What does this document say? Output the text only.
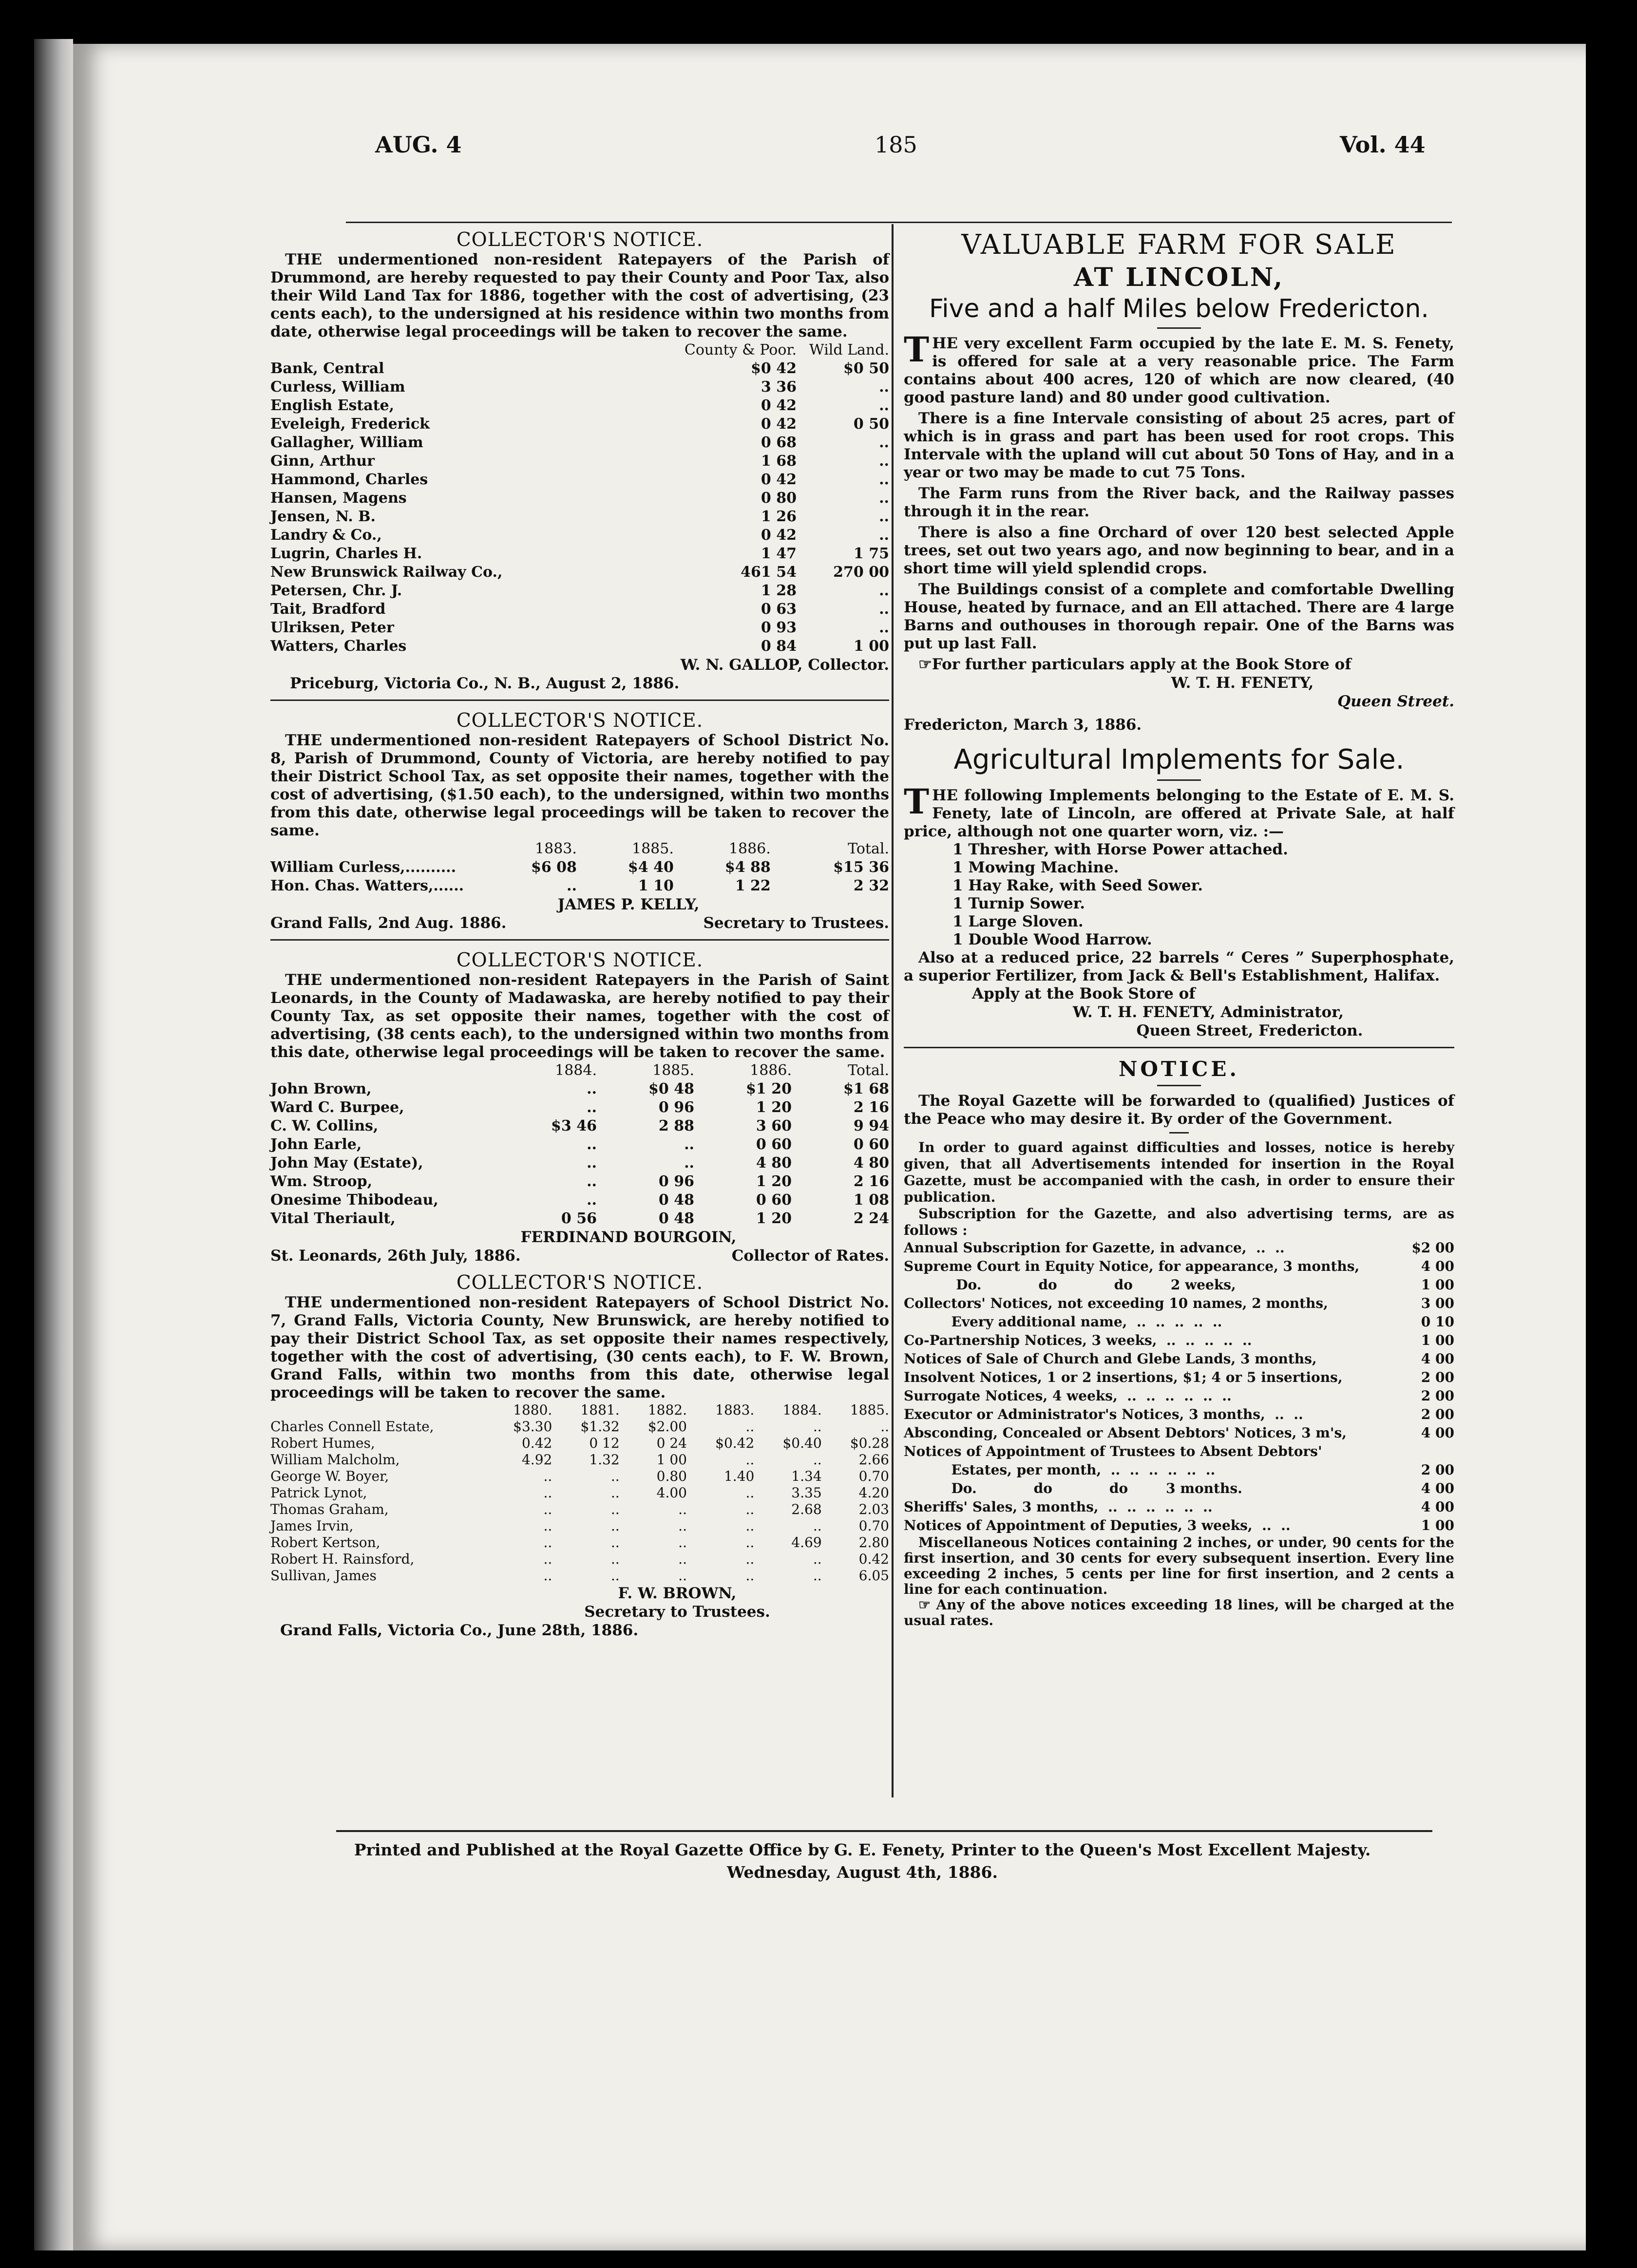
AUG. 4	185	Vol. 44
COLLECTOR'S NOTICE.

THE undermentioned non-resident Ratepayers of the Parish of Drummond, are hereby requested to pay their County and Poor Tax, also their Wild Land Tax for 1886, together with the cost of advertising, (23 cents each), to the undersigned at his residence within two months from date, otherwise legal proceedings will be taken to recover the same.

	County & Poor.	Wild Land.
Bank, Central	$0 42	$0 50
Curless, William	3 36	..
English Estate,	0 42	..
Eveleigh, Frederick	0 42	0 50
Gallagher, William	0 68	..
Ginn, Arthur	1 68	..
Hammond, Charles	0 42	..
Hansen, Magens	0 80	..
Jensen, N. B.	1 26	..
Landry & Co.,	0 42	..
Lugrin, Charles H.	1 47	1 75
New Brunswick Railway Co.,	461 54	270 00
Petersen, Chr. J.	1 28	..
Tait, Bradford	0 63	..
Ulriksen, Peter	0 93	..
Watters, Charles	0 84	1 00
W. N. GALLOP, Collector.
Priceburg, Victoria Co., N. B., August 2, 1886.
COLLECTOR'S NOTICE.

THE undermentioned non-resident Ratepayers of School District No. 8, Parish of Drummond, County of Victoria, are hereby notified to pay their District School Tax, as set opposite their names, together with the cost of advertising, ($1.50 each), to the undersigned, within two months from this date, otherwise legal proceedings will be taken to recover the same.

	1883.	1885.	1886.	Total.
William Curless,..........	$6 08	$4 40	$4 88	$15 36
Hon. Chas. Watters,......	..	1 10	1 22	2 32
JAMES P. KELLY,
Grand Falls, 2nd Aug. 1886.	Secretary to Trustees.
COLLECTOR'S NOTICE.

THE undermentioned non-resident Ratepayers in the Parish of Saint Leonards, in the County of Madawaska, are hereby notified to pay their County Tax, as set opposite their names, together with the cost of advertising, (38 cents each), to the undersigned within two months from this date, otherwise legal proceedings will be taken to recover the same.

	1884.	1885.	1886.	Total.
John Brown,	..	$0 48	$1 20	$1 68
Ward C. Burpee,	..	0 96	1 20	2 16
C. W. Collins,	$3 46	2 88	3 60	9 94
John Earle,	..	..	0 60	0 60
John May (Estate),	..	..	4 80	4 80
Wm. Stroop,	..	0 96	1 20	2 16
Onesime Thibodeau,	..	0 48	0 60	1 08
Vital Theriault,	0 56	0 48	1 20	2 24
FERDINAND BOURGOIN,
St. Leonards, 26th July, 1886.	Collector of Rates.
COLLECTOR'S NOTICE.

THE undermentioned non-resident Ratepayers of School District No. 7, Grand Falls, Victoria County, New Brunswick, are hereby notified to pay their District School Tax, as set opposite their names respectively, together with the cost of advertising, (30 cents each), to F. W. Brown, Grand Falls, within two months from this date, otherwise legal proceedings will be taken to recover the same.

	1880.	1881.	1882.	1883.	1884.	1885.
Charles Connell Estate,	$3.30	$1.32	$2.00	..	..	..
Robert Humes,	0.42	0 12	0 24	$0.42	$0.40	$0.28
William Malcholm,	4.92	1.32	1 00	..	..	2.66
George W. Boyer,	..	..	0.80	1.40	1.34	0.70
Patrick Lynot,	..	..	4.00	..	3.35	4.20
Thomas Graham,	..	..	..	..	2.68	2.03
James Irvin,	..	..	..	..	..	0.70
Robert Kertson,	..	..	..	..	4.69	2.80
Robert H. Rainsford,	..	..	..	..	..	0.42
Sullivan, James	..	..	..	..	..	6.05
F. W. BROWN,
Secretary to Trustees.
Grand Falls, Victoria Co., June 28th, 1886.
VALUABLE FARM FOR SALE
AT LINCOLN,
Five and a half Miles below Fredericton.

THE very excellent Farm occupied by the late E. M. S. Fenety, is offered for sale at a very reasonable price. The Farm contains about 400 acres, 120 of which are now cleared, (40 good pasture land) and 80 under good cultivation.

There is a fine Intervale consisting of about 25 acres, part of which is in grass and part has been used for root crops. This Intervale with the upland will cut about 50 Tons of Hay, and in a year or two may be made to cut 75 Tons.

The Farm runs from the River back, and the Railway passes through it in the rear.

There is also a fine Orchard of over 120 best selected Apple trees, set out two years ago, and now beginning to bear, and in a short time will yield splendid crops.

The Buildings consist of a complete and comfortable Dwelling House, heated by furnace, and an Ell attached. There are 4 large Barns and outhouses in thorough repair. One of the Barns was put up last Fall.

☞For further particulars apply at the Book Store of

W. T. H. FENETY,
Queen Street.
Fredericton, March 3, 1886.
Agricultural Implements for Sale.

THE following Implements belonging to the Estate of E. M. S. Fenety, late of Lincoln, are offered at Private Sale, at half price, although not one quarter worn, viz. :—

1 Thresher, with Horse Power attached.

1 Mowing Machine.

1 Hay Rake, with Seed Sower.

1 Turnip Sower.

1 Large Sloven.

1 Double Wood Harrow.

Also at a reduced price, 22 barrels “ Ceres ” Superphosphate, a superior Fertilizer, from Jack & Bell's Establishment, Halifax.

Apply at the Book Store of

W. T. H. FENETY, Administrator,
Queen Street, Fredericton.
NOTICE.

The Royal Gazette will be forwarded to (qualified) Justices of the Peace who may desire it. By order of the Government.

In order to guard against difficulties and losses, notice is hereby given, that all Advertisements intended for insertion in the Royal Gazette, must be accompanied with the cash, in order to ensure their publication.

Subscription for the Gazette, and also advertising terms, are as follows :

Annual Subscription for Gazette, in advance,  ..  ..	$2 00
Supreme Court in Equity Notice, for appearance, 3 months,	4 00
Do.            do            do        2 weeks,	1 00
Collectors' Notices, not exceeding 10 names, 2 months,	3 00
Every additional name,  ..  ..  ..  ..  ..	0 10
Co-Partnership Notices, 3 weeks,  ..  ..  ..  ..  ..	1 00
Notices of Sale of Church and Glebe Lands, 3 months,	4 00
Insolvent Notices, 1 or 2 insertions, $1; 4 or 5 insertions,	2 00
Surrogate Notices, 4 weeks,  ..  ..  ..  ..  ..  ..	2 00
Executor or Administrator's Notices, 3 months,  ..  ..	2 00
Absconding, Concealed or Absent Debtors' Notices, 3 m's,	4 00
Notices of Appointment of Trustees to Absent Debtors'	
Estates, per month,  ..  ..  ..  ..  ..  ..	2 00
Do.            do            do        3 months.	4 00
Sheriffs' Sales, 3 months,  ..  ..  ..  ..  ..  ..	4 00
Notices of Appointment of Deputies, 3 weeks,  ..  ..	1 00

Miscellaneous Notices containing 2 inches, or under, 90 cents for the first insertion, and 30 cents for every subsequent insertion. Every line exceeding 2 inches, 5 cents per line for first insertion, and 2 cents a line for each continuation.

☞ Any of the above notices exceeding 18 lines, will be charged at the usual rates.

Printed and Published at the Royal Gazette Office by G. E. Fenety, Printer to the Queen's Most Excellent Majesty.
Wednesday, August 4th, 1886.
